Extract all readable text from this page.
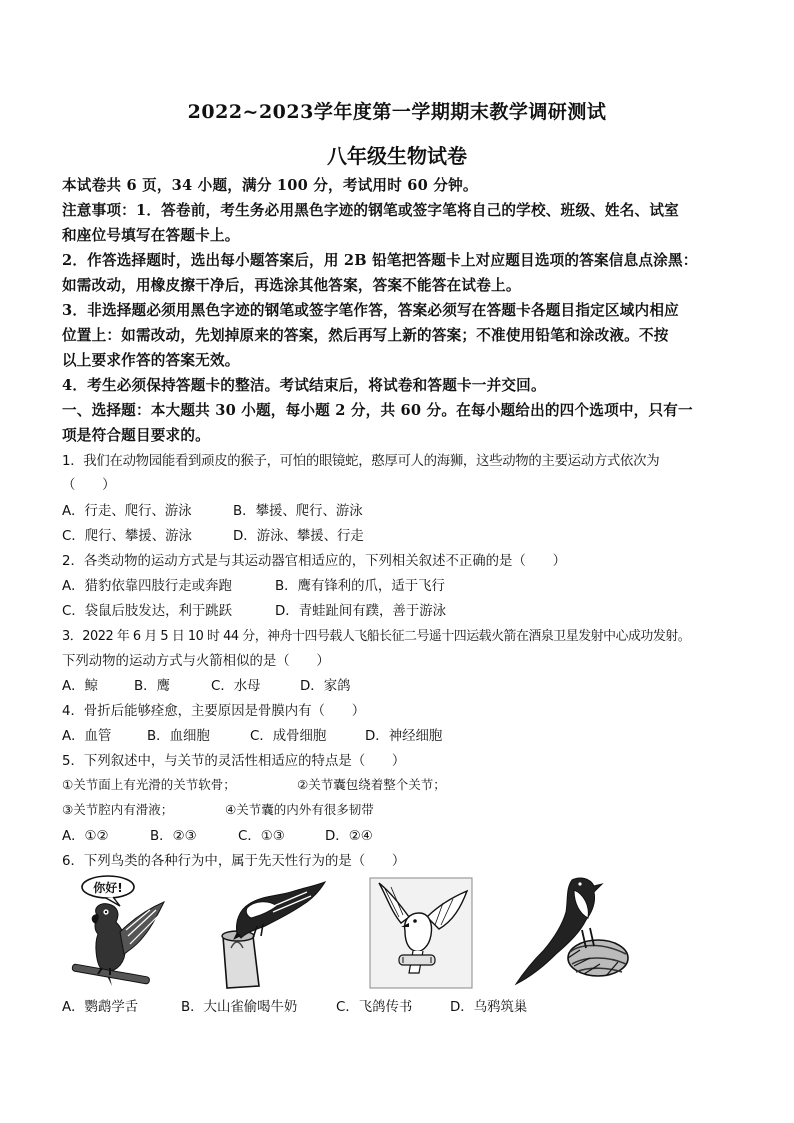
2022~2023学年度第一学期期末教学调研测试
八年级生物试卷
本试卷共 6 页，34 小题，满分 100 分，考试用时 60 分钟。
注意事项：1．答卷前，考生务必用黑色字迹的钢笔或签字笔将自己的学校、班级、姓名、试室
和座位号填写在答题卡上。
2．作答选择题时，选出每小题答案后，用 2B 铅笔把答题卡上对应题目选项的答案信息点涂黑：
如需改动，用橡皮擦干净后，再选涂其他答案，答案不能答在试卷上。
3．非选择题必须用黑色字迹的钢笔或签字笔作答，答案必须写在答题卡各题目指定区域内相应
位置上：如需改动，先划掉原来的答案，然后再写上新的答案；不准使用铅笔和涂改液。不按
以上要求作答的答案无效。
4．考生必须保持答题卡的整洁。考试结束后，将试卷和答题卡一并交回。
一、选择题：本大题共 30 小题，每小题 2 分，共 60 分。在每小题给出的四个选项中，只有一
项是符合题目要求的。
1．我们在动物园能看到顽皮的猴子，可怕的眼镜蛇，憨厚可人的海狮，这些动物的主要运动方式依次为
（　　）
A．行走、爬行、游泳	B．攀援、爬行、游泳
C．爬行、攀援、游泳	D．游泳、攀援、行走
2．各类动物的运动方式是与其运动器官相适应的，下列相关叙述不正确的是（　　）
A．猎豹依靠四肢行走或奔跑	B．鹰有锋利的爪，适于飞行
C．袋鼠后肢发达，利于跳跃	D．青蛙趾间有蹼，善于游泳
3．2022 年 6 月 5 日 10 时 44 分，神舟十四号载人飞船长征二号遥十四运载火箭在酒泉卫星发射中心成功发射。
下列动物的运动方式与火箭相似的是（　　）
A．鲸	B．鹰	C．水母	D．家鸽
4．骨折后能够痊愈，主要原因是骨膜内有（　　）
A．血管	B．血细胞	C．成骨细胞	D．神经细胞
5．下列叙述中，与关节的灵活性相适应的特点是（　　）
①关节面上有光滑的关节软骨；	②关节囊包绕着整个关节；
③关节腔内有滑液；	④关节囊的内外有很多韧带
A．①②	B．②③	C．①③	D．②④
6．下列鸟类的各种行为中，属于先天性行为的是（　　）
你好!
A．鹦鹉学舌	B．大山雀偷喝牛奶	C．飞鸽传书	D．乌鸦筑巢
